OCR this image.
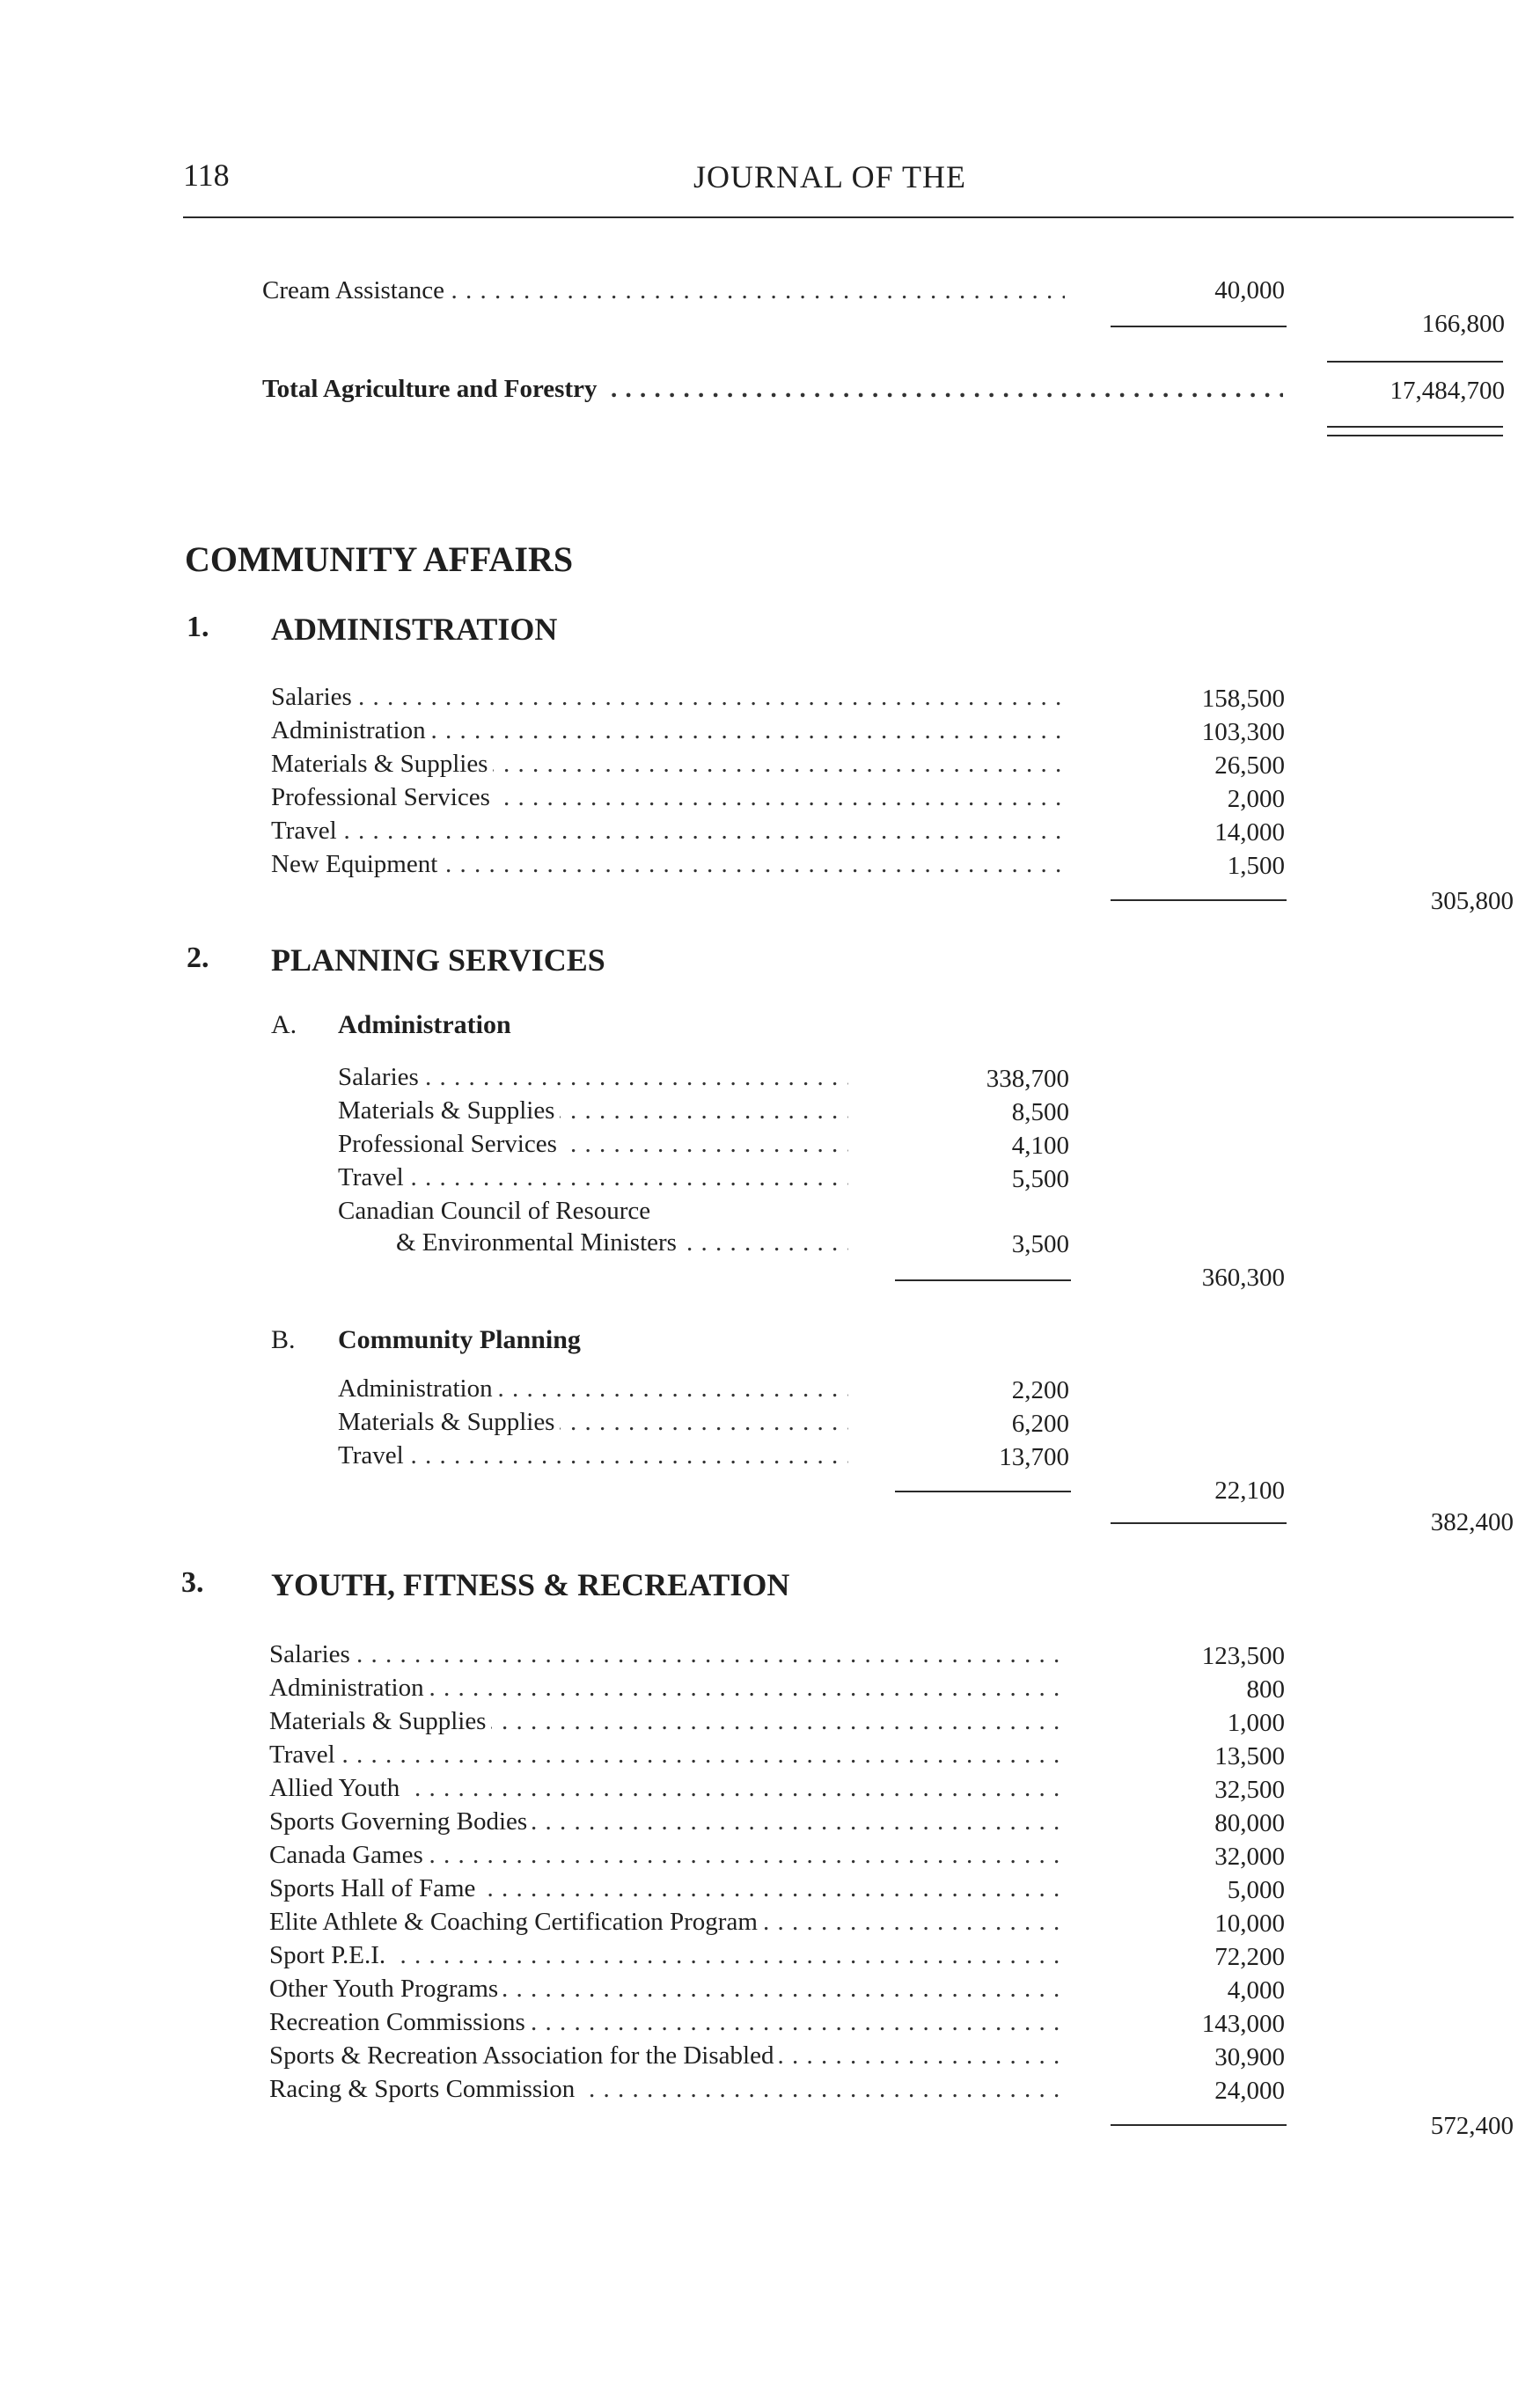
118	JOURNAL OF THE
Cream Assistance . . .	40,000
166,800
Total Agriculture and Forestry . . .	17,484,700
COMMUNITY AFFAIRS
1. ADMINISTRATION
Salaries . . .	158,500
Administration . . .	103,300
Materials & Supplies . . .	26,500
Professional Services . . .	2,000
Travel . . .	14,000
New Equipment . . .	1,500
305,800
2. PLANNING SERVICES
A. Administration
Salaries . . .	338,700
Materials & Supplies . . .	8,500
Professional Services . . .	4,100
Travel . . .	5,500
Canadian Council of Resource
& Environmental Ministers . . .	3,500
360,300
B. Community Planning
Administration . . .	2,200
Materials & Supplies . . .	6,200
Travel . . .	13,700
22,100
382,400
3. YOUTH, FITNESS & RECREATION
Salaries . . .	123,500
Administration . . .	800
Materials & Supplies . . .	1,000
Travel . . .	13,500
Allied Youth . . .	32,500
Sports Governing Bodies . . .	80,000
Canada Games . . .	32,000
Sports Hall of Fame . . .	5,000
Elite Athlete & Coaching Certification Program . . .	10,000
Sport P.E.I. . . .	72,200
Other Youth Programs . . .	4,000
Recreation Commissions . . .	143,000
Sports & Recreation Association for the Disabled . . .	30,900
Racing & Sports Commission . . .	24,000
572,400
